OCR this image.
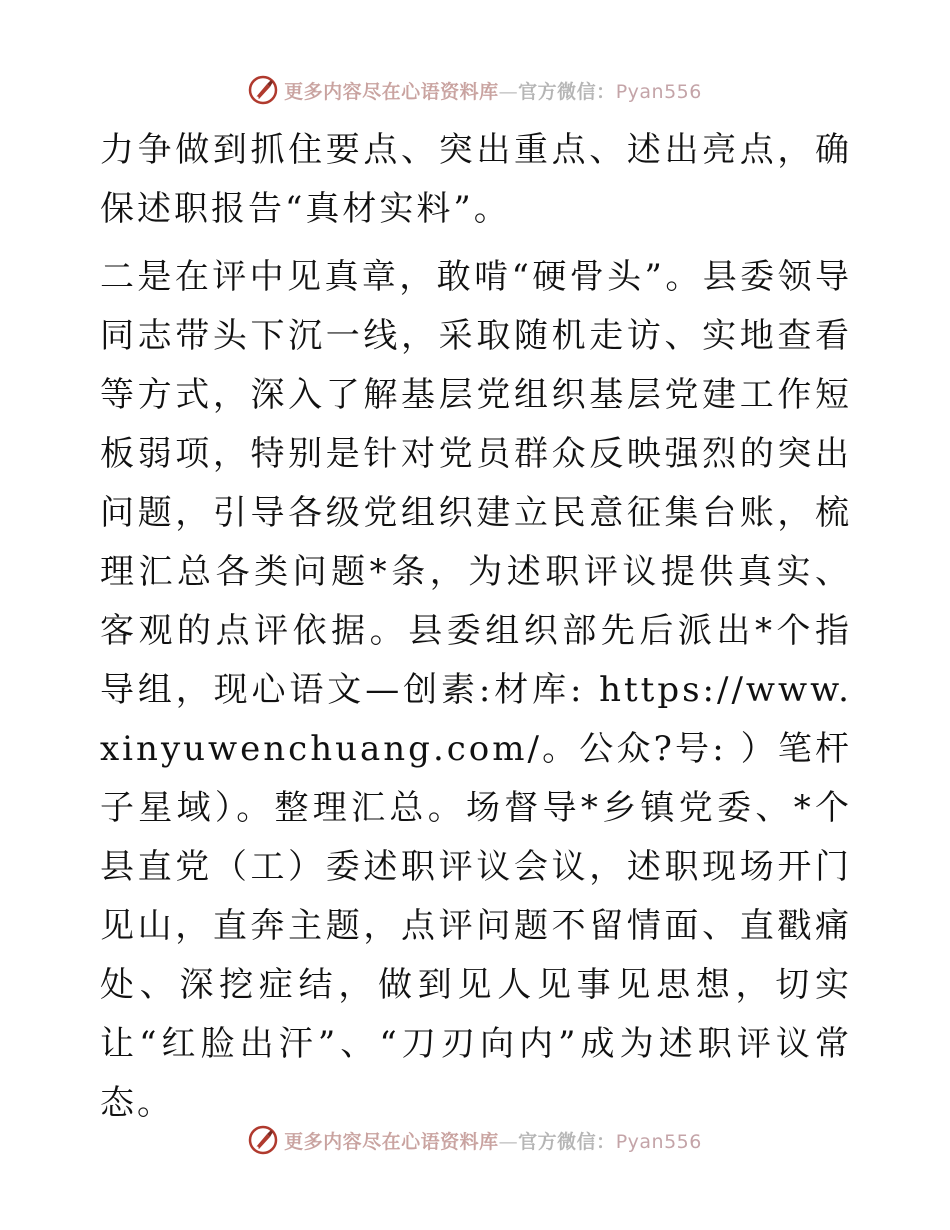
更多内容尽在心语资料库—官方微信：Pyan556

力争做到抓住要点、突出重点、述出亮点，确保述职报告“真材实料”。

二是在评中见真章，敢啃“硬骨头”。县委领导同志带头下沉一线，采取随机走访、实地查看等方式，深入了解基层党组织基层党建工作短板弱项，特别是针对党员群众反映强烈的突出问题，引导各级党组织建立民意征集台账，梳理汇总各类问题*条，为述职评议提供真实、客观的点评依据。县委组织部先后派出*个指导组，现心语文—创素:材库: https://www.xinyuwenchuang.com/。公众?号: ）笔杆子星域）。整理汇总。场督导*乡镇党委、*个县直党（工）委述职评议会议，述职现场开门见山，直奔主题，点评问题不留情面、直戳痛处、深挖症结，做到见人见事见思想，切实让“红脸出汗”、“刀刃向内”成为述职评议常态。

更多内容尽在心语资料库—官方微信：Pyan556
